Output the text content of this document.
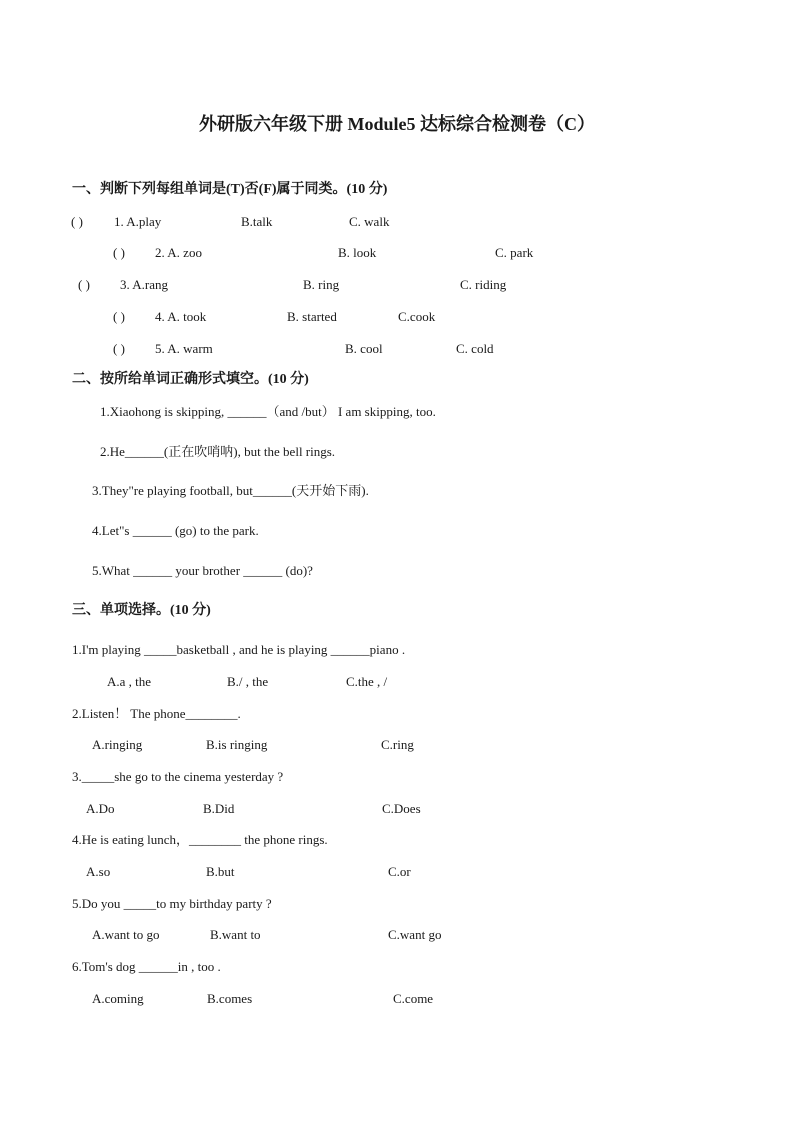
外研版六年级下册 Module5 达标综合检测卷（C）
一、判断下列每组单词是(T)否(F)属于同类。(10 分)
( ) 1. A.play	B.talk	C. walk
( ) 2. A. zoo	B. look	C. park
( ) 3. A.rang	B. ring	C. riding
( ) 4. A. took	B. started	C.cook
( ) 5. A. warm	B. cool	C. cold
二、按所给单词正确形式填空。(10 分)
1.Xiaohong is skipping, ______（and /but） I am skipping, too.
2.He______(正在吹哨呐), but the bell rings.
3.They"re playing football, but______(天开始下雨).
4.Let"s ______ (go) to the park.
5.What ______ your brother ______ (do)?
三、单项选择。(10 分)
1.I'm playing _____basketball , and he is playing ______piano .
A.a , the	B./ , the	C.the , /
2.Listen！ The phone________.
A.ringing	B.is ringing	C.ring
3._____she go to the cinema yesterday ?
A.Do	B.Did	C.Does
4.He is eating lunch，________ the phone rings.
A.so	B.but	C.or
5.Do you _____to my birthday party ?
A.want to go	B.want to	C.want go
6.Tom's dog ______in , too .
A.coming	B.comes	C.come
